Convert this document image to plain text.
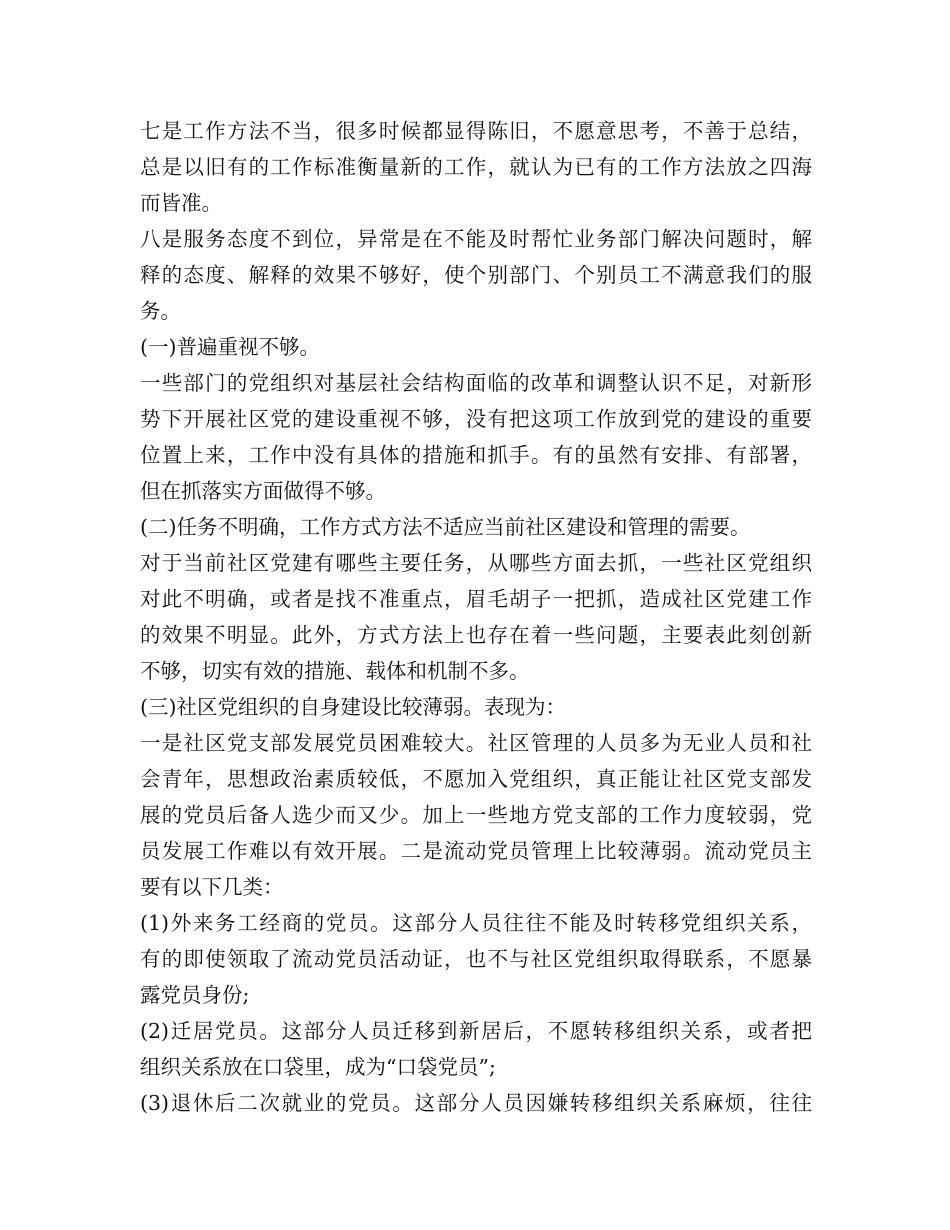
七是工作方法不当，很多时候都显得陈旧，不愿意思考，不善于总结，
总是以旧有的工作标准衡量新的工作，就认为已有的工作方法放之四海
而皆准。
八是服务态度不到位，异常是在不能及时帮忙业务部门解决问题时，解
释的态度、解释的效果不够好，使个别部门、个别员工不满意我们的服
务。
(一)普遍重视不够。
一些部门的党组织对基层社会结构面临的改革和调整认识不足，对新形
势下开展社区党的建设重视不够，没有把这项工作放到党的建设的重要
位置上来，工作中没有具体的措施和抓手。有的虽然有安排、有部署，
但在抓落实方面做得不够。
(二)任务不明确，工作方式方法不适应当前社区建设和管理的需要。
对于当前社区党建有哪些主要任务，从哪些方面去抓，一些社区党组织
对此不明确，或者是找不准重点，眉毛胡子一把抓，造成社区党建工作
的效果不明显。此外，方式方法上也存在着一些问题，主要表此刻创新
不够，切实有效的措施、载体和机制不多。
(三)社区党组织的自身建设比较薄弱。表现为：
一是社区党支部发展党员困难较大。社区管理的人员多为无业人员和社
会青年，思想政治素质较低，不愿加入党组织，真正能让社区党支部发
展的党员后备人选少而又少。加上一些地方党支部的工作力度较弱，党
员发展工作难以有效开展。二是流动党员管理上比较薄弱。流动党员主
要有以下几类：
(1)外来务工经商的党员。这部分人员往往不能及时转移党组织关系，
有的即使领取了流动党员活动证，也不与社区党组织取得联系，不愿暴
露党员身份;
(2)迁居党员。这部分人员迁移到新居后，不愿转移组织关系，或者把
组织关系放在口袋里，成为“口袋党员”;
(3)退休后二次就业的党员。这部分人员因嫌转移组织关系麻烦，往往
